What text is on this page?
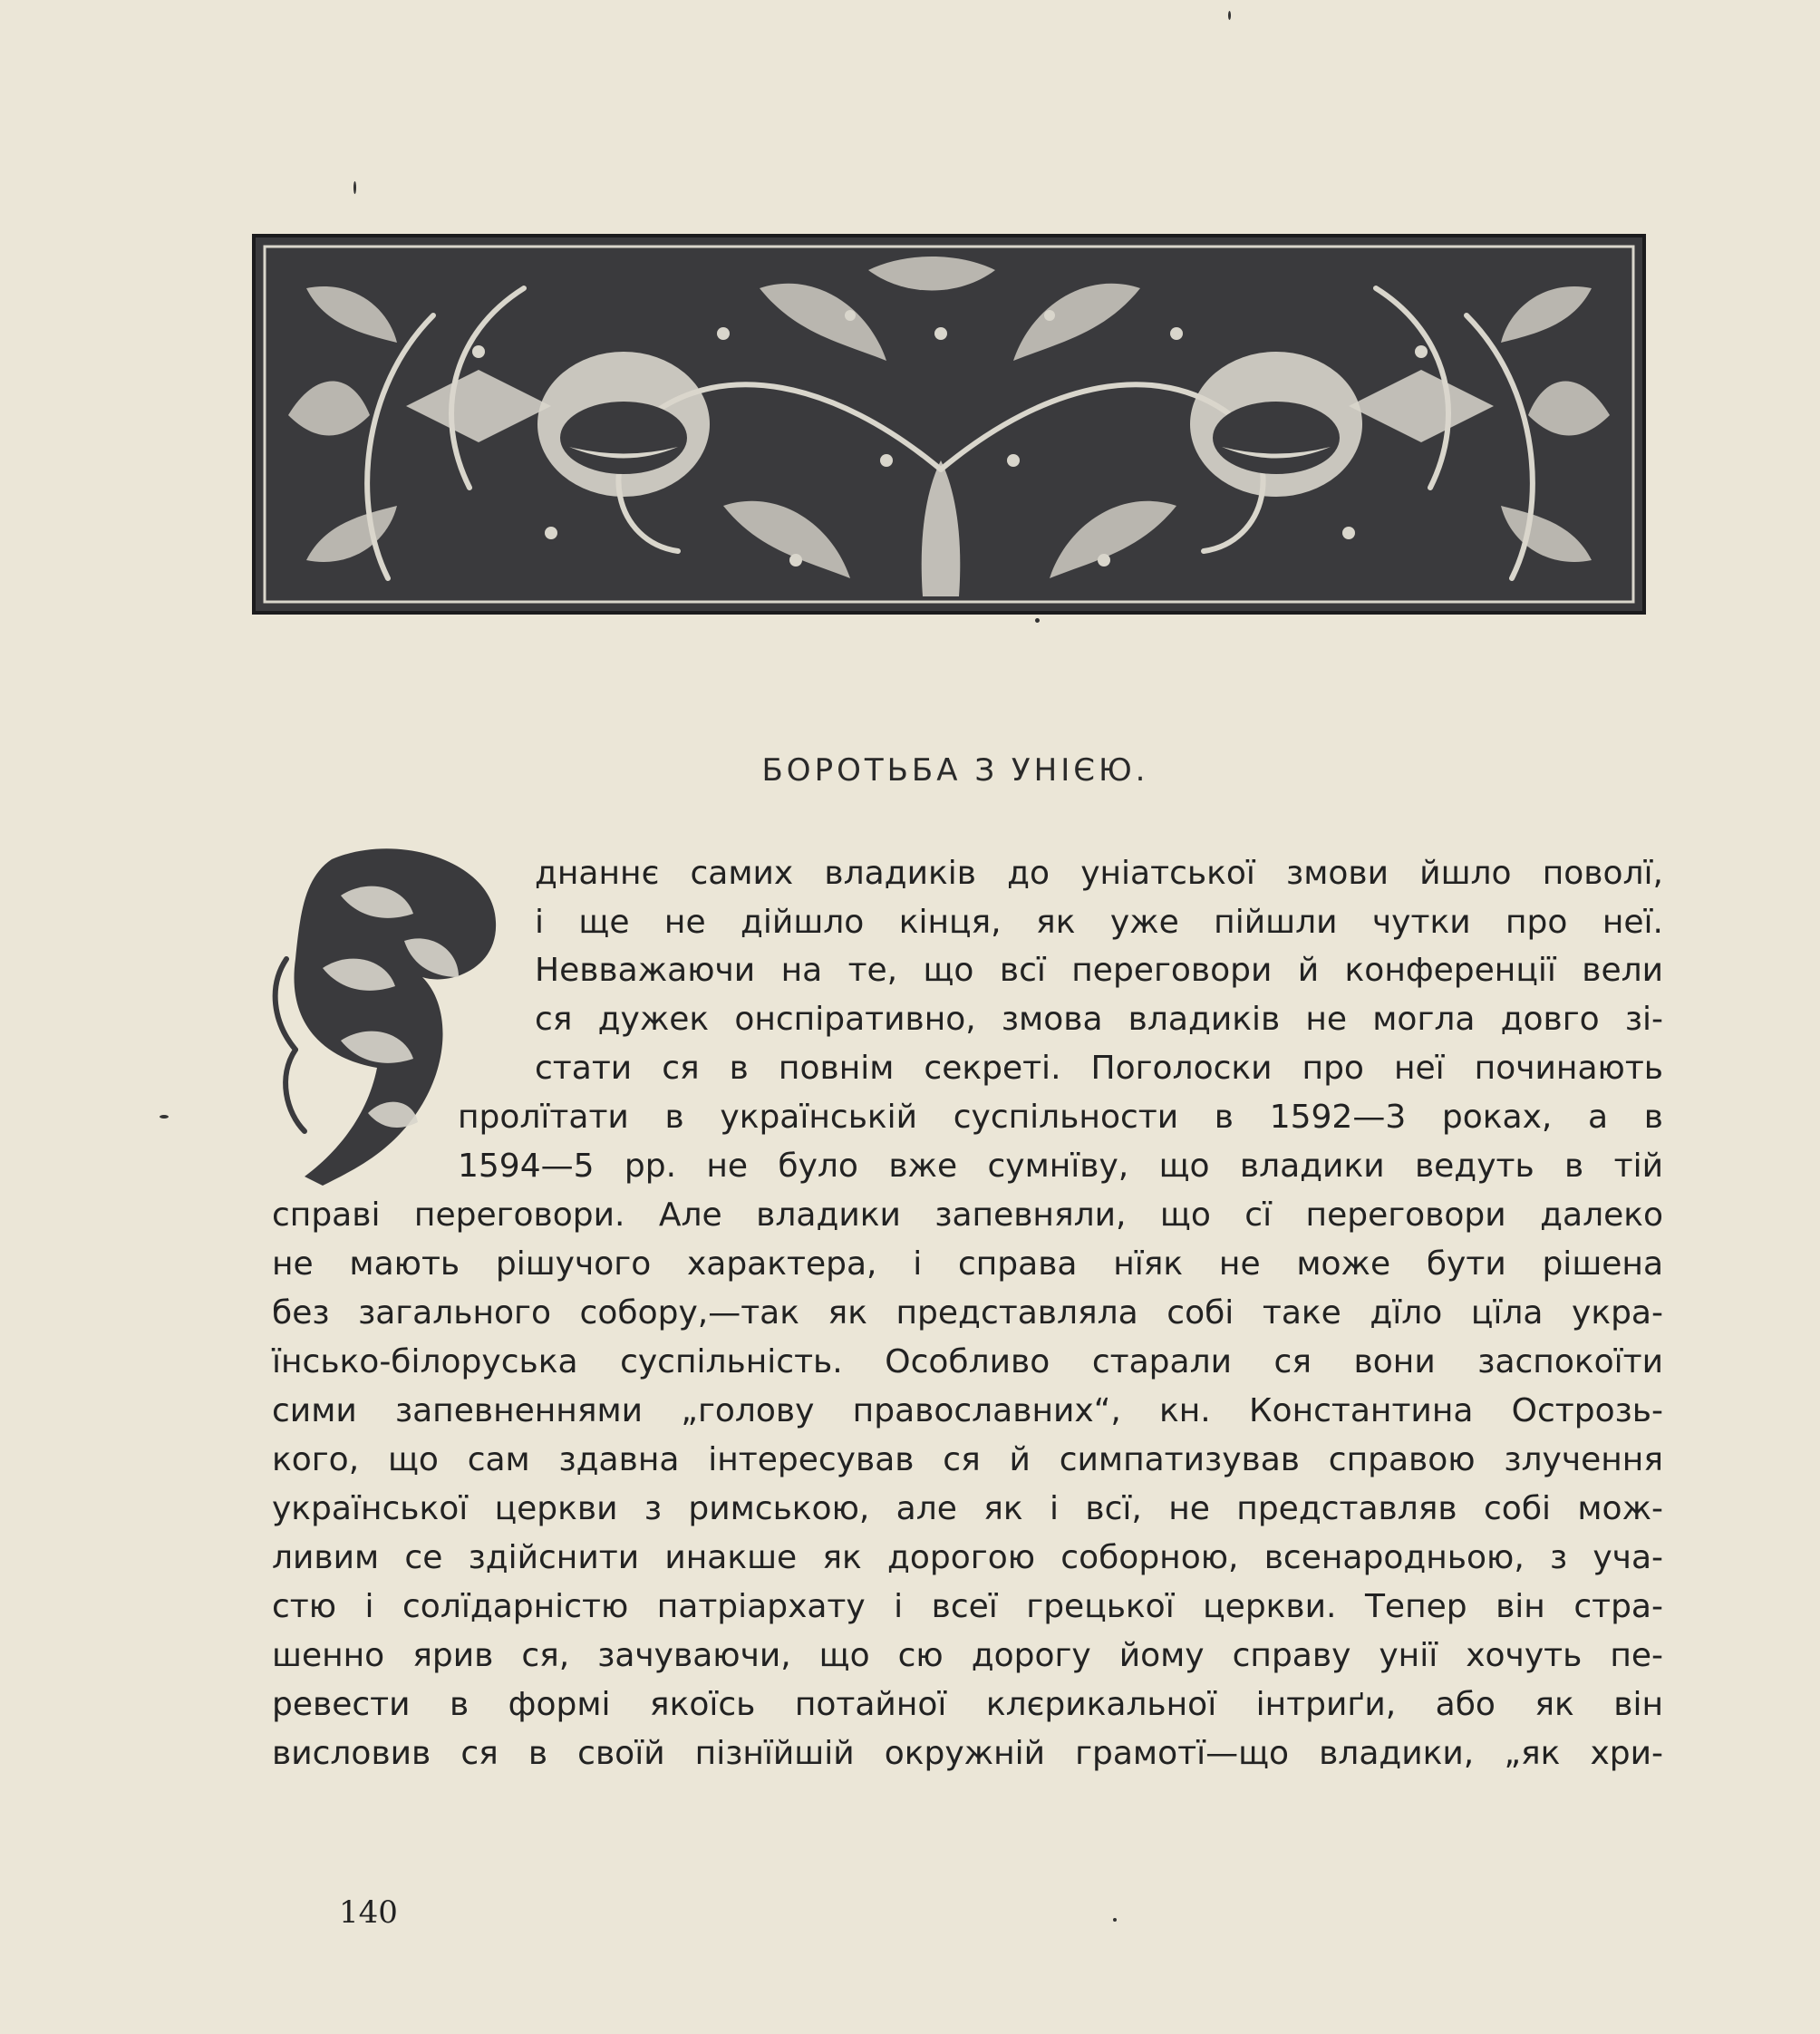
БОРОТЬБА З УНІЄЮ.
днаннє самих владиків до уніатської змови йшло поволї,
і ще не дійшло кінця, як уже пійшли чутки про неї.
Невважаючи на те, що всї переговори й конференції вели
ся дужек онспіративно, змова владиків не могла довго зі-
стати ся в повнім секреті. Поголоски про неї починають
пролїтати в українській суспільности в 1592—3 роках, а в
1594—5 рр. не було вже сумнїву, що владики ведуть в тій
справі переговори. Але владики запевняли, що сї переговори далеко
не мають рішучого характера, і справа нїяк не може бути рішена
без загального собору,—так як представляла собі таке дїло цїла укра-
їнсько-білоруська суспільність. Особливо старали ся вони заспокоїти
сими запевненнями „голову православних“, кн. Константина Острозь-
кого, що сам здавна інтересував ся й симпатизував справою злучення
української церкви з римською, але як і всї, не представляв собі мож-
ливим се здійснити инакше як дорогою соборною, всенародньою, з уча-
стю і солїдарністю патріархату і всеї грецької церкви. Тепер він стра-
шенно ярив ся, зачуваючи, що сю дорогу йому справу унії хочуть пе-
ревести в формі якоїсь потайної клєрикальної інтриґи, або як він
висловив ся в своїй пізнїйшій окружній грамотї—що владики, „як хри-
140
